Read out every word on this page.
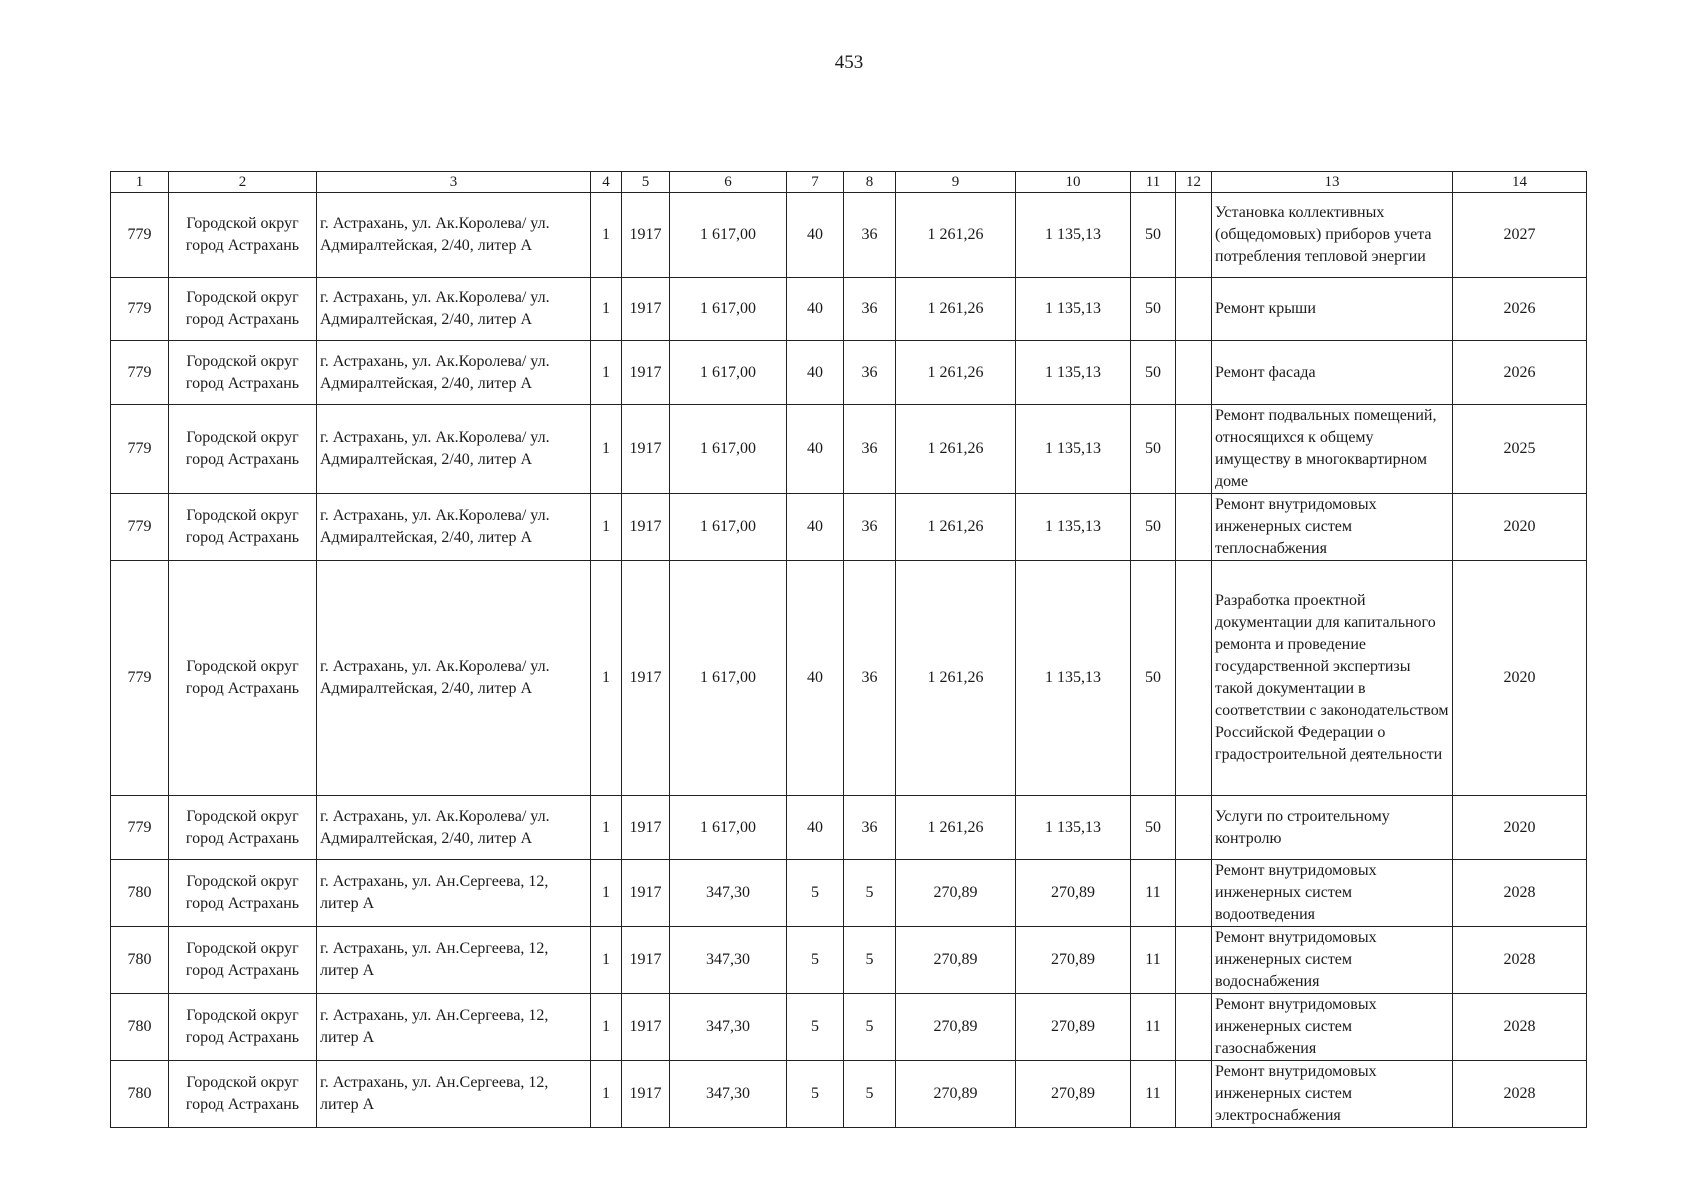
453
1	2	3	4	5	6	7	8	9	10	11	12	13	14
779	Городской округ город Астрахань	г. Астрахань, ул. Ак.Королева/ ул. Адмиралтейская, 2/40, литер А	1	1917	1 617,00	40	36	1 261,26	1 135,13	50		Установка коллективных (общедомовых) приборов учета потребления тепловой энергии	2027
779	Городской округ город Астрахань	г. Астрахань, ул. Ак.Королева/ ул. Адмиралтейская, 2/40, литер А	1	1917	1 617,00	40	36	1 261,26	1 135,13	50		Ремонт крыши	2026
779	Городской округ город Астрахань	г. Астрахань, ул. Ак.Королева/ ул. Адмиралтейская, 2/40, литер А	1	1917	1 617,00	40	36	1 261,26	1 135,13	50		Ремонт фасада	2026
779	Городской округ город Астрахань	г. Астрахань, ул. Ак.Королева/ ул. Адмиралтейская, 2/40, литер А	1	1917	1 617,00	40	36	1 261,26	1 135,13	50		Ремонт подвальных помещений, относящихся к общему имуществу в многоквартирном доме	2025
779	Городской округ город Астрахань	г. Астрахань, ул. Ак.Королева/ ул. Адмиралтейская, 2/40, литер А	1	1917	1 617,00	40	36	1 261,26	1 135,13	50		Ремонт внутридомовых инженерных систем теплоснабжения	2020
779	Городской округ город Астрахань	г. Астрахань, ул. Ак.Королева/ ул. Адмиралтейская, 2/40, литер А	1	1917	1 617,00	40	36	1 261,26	1 135,13	50		Разработка проектной документации для капитального ремонта и проведение государственной экспертизы такой документации в соответствии с законодательством Российской Федерации о градостроительной деятельности	2020
779	Городской округ город Астрахань	г. Астрахань, ул. Ак.Королева/ ул. Адмиралтейская, 2/40, литер А	1	1917	1 617,00	40	36	1 261,26	1 135,13	50		Услуги по строительному контролю	2020
780	Городской округ город Астрахань	г. Астрахань, ул. Ан.Сергеева, 12, литер А	1	1917	347,30	5	5	270,89	270,89	11		Ремонт внутридомовых инженерных систем водоотведения	2028
780	Городской округ город Астрахань	г. Астрахань, ул. Ан.Сергеева, 12, литер А	1	1917	347,30	5	5	270,89	270,89	11		Ремонт внутридомовых инженерных систем водоснабжения	2028
780	Городской округ город Астрахань	г. Астрахань, ул. Ан.Сергеева, 12, литер А	1	1917	347,30	5	5	270,89	270,89	11		Ремонт внутридомовых инженерных систем газоснабжения	2028
780	Городской округ город Астрахань	г. Астрахань, ул. Ан.Сергеева, 12, литер А	1	1917	347,30	5	5	270,89	270,89	11		Ремонт внутридомовых инженерных систем электроснабжения	2028
